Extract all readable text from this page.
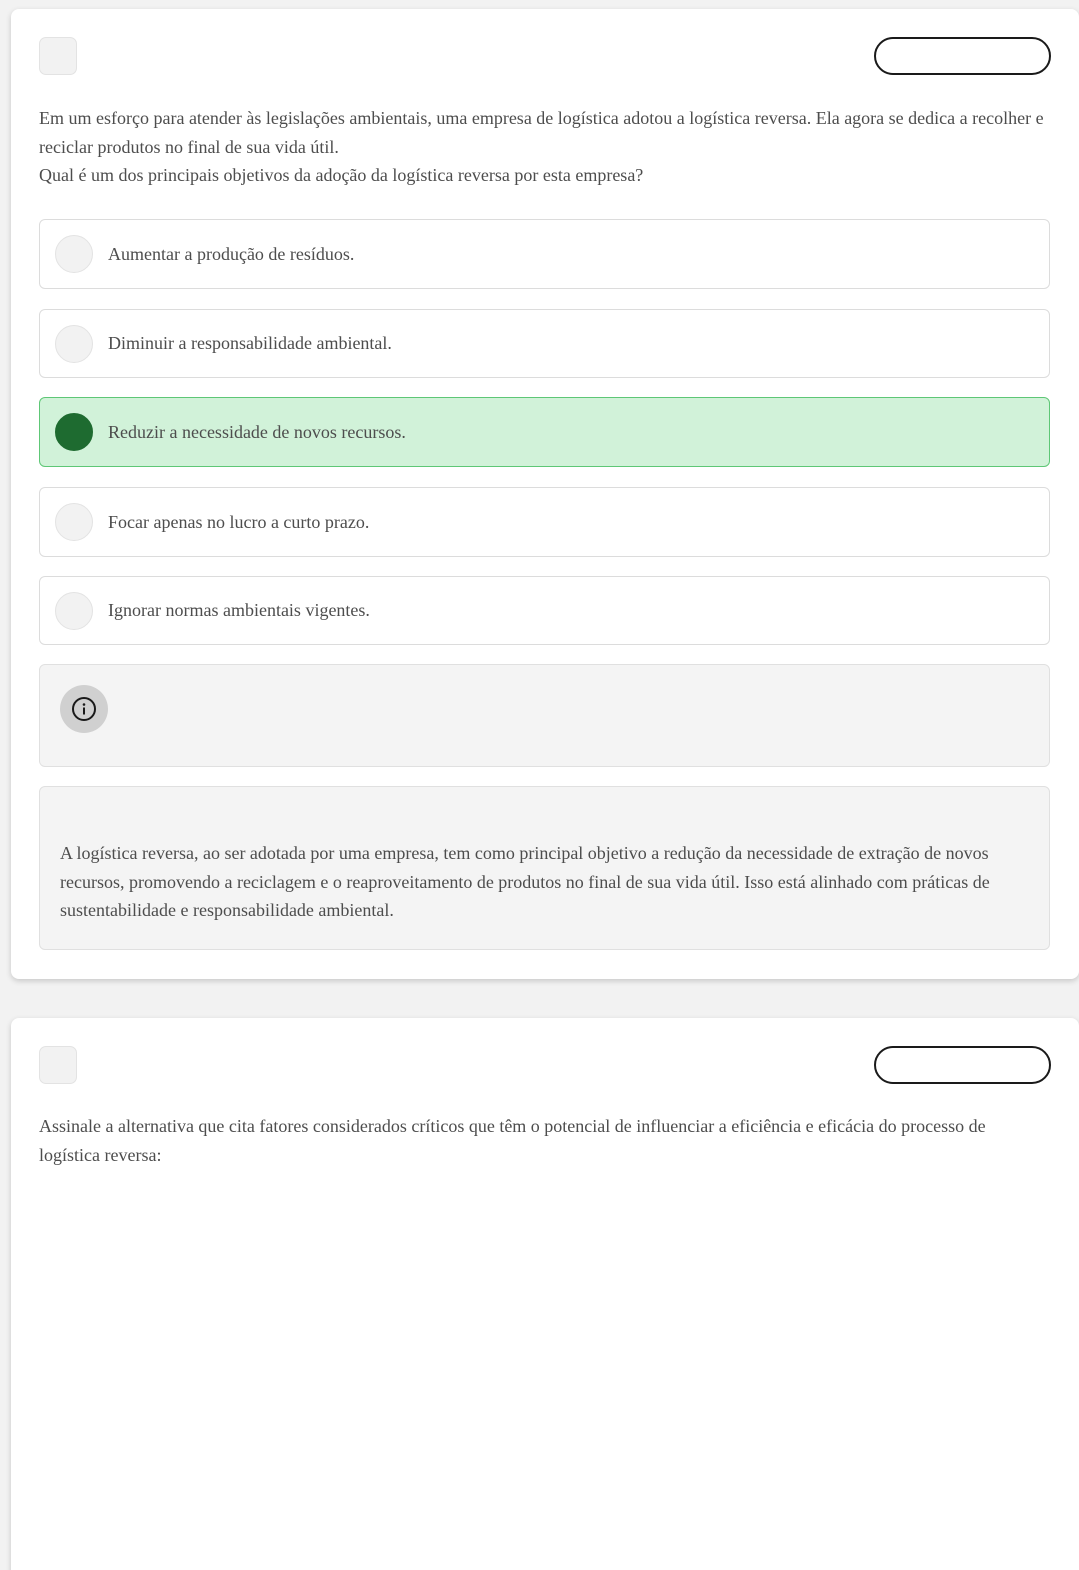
Em um esforço para atender às legislações ambientais, uma empresa de logística adotou a logística reversa. Ela agora se dedica a recolher e reciclar produtos no final de sua vida útil.

Qual é um dos principais objetivos da adoção da logística reversa por esta empresa?

Aumentar a produção de resíduos.
Diminuir a responsabilidade ambiental.
Reduzir a necessidade de novos recursos.
Focar apenas no lucro a curto prazo.
Ignorar normas ambientais vigentes.

A logística reversa, ao ser adotada por uma empresa, tem como principal objetivo a redução da necessidade de extração de novos recursos, promovendo a reciclagem e o reaproveitamento de produtos no final de sua vida útil. Isso está alinhado com práticas de sustentabilidade e responsabilidade ambiental.

Assinale a alternativa que cita fatores considerados críticos que têm o potencial de influenciar a eficiência e eficácia do processo de logística reversa:
